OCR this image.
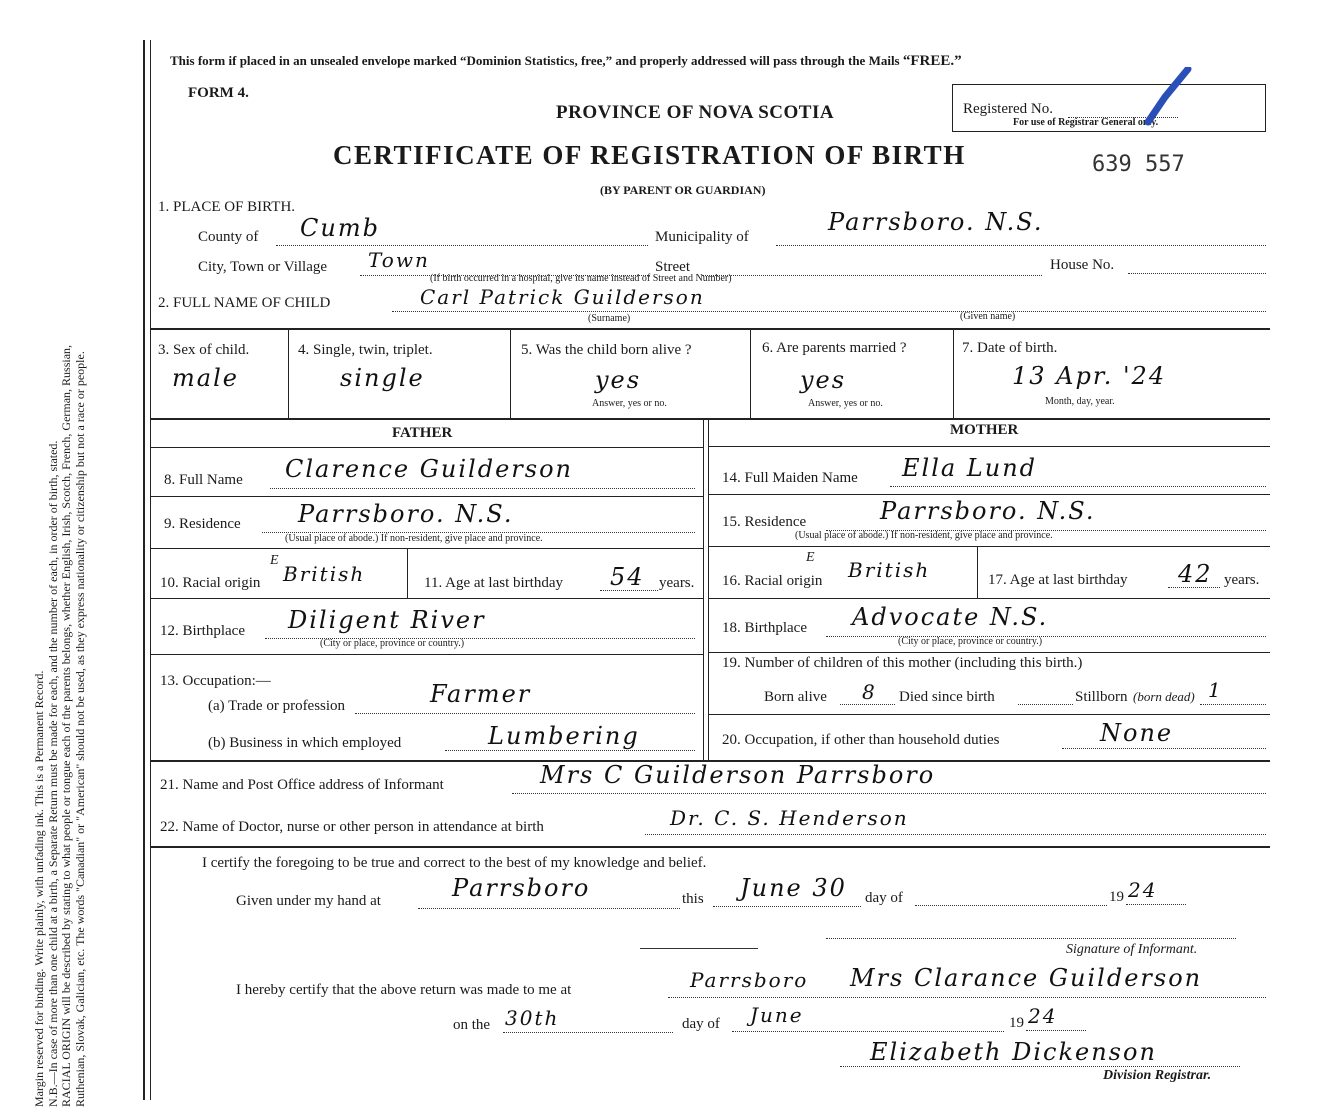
Margin reserved for binding. Write plainly, with unfading ink. This is a Permanent Record. N.B.—In case of more than one child at a birth, a Separate Return must be made for each, and the number of each, in order of birth, stated. RACIAL ORIGIN will be described by stating to what people or tongue each of the parents belongs, whether English, Irish, Scotch, French, German, Russian, Ruthenian, Slovak, Galician, etc. The words "Canadian" or "American" should not be used, as they express nationality or citizenship but not a race or people.
This form if placed in an unsealed envelope marked “Dominion Statistics, free,” and properly addressed will pass through the Mails “FREE.”
FORM 4.
PROVINCE OF NOVA SCOTIA
CERTIFICATE OF REGISTRATION OF BIRTH
(BY PARENT OR GUARDIAN)
Registered No.
For use of Registrar General only.
639 557
1. PLACE OF BIRTH.
County of Cumb	Municipality of
Parrsboro. N.S.
City, Town or Village Town	Street	House No.
(If birth occurred in a hospital, give its name instead of Street and Number)
2. FULL NAME OF CHILD	Carl Patrick Guilderson
(Surname)	(Given name)
3. Sex of child.
male
4. Single, twin, triplet.
single
5. Was the child born alive ?
yes
Answer, yes or no.
6. Are parents married ?
yes
Answer, yes or no.
7. Date of birth.
13 Apr. '24
Month, day, year.
FATHER	MOTHER
8. Full Name Clarence Guilderson
9. Residence Parrsboro. N.S.
(Usual place of abode.) If non-resident, give place and province.
10. Racial origin
E
British	11. Age at last birthday 54 years.
12. Birthplace Diligent River
(City or place, province or country.)
13. Occupation:—
(a) Trade or profession	Farmer
(b) Business in which employed	Lumbering
14. Full Maiden Name Ella Lund
15. Residence	Parrsboro. N.S.
(Usual place of abode.) If non-resident, give place and province.
16. Racial origin
E
British	17. Age at last birthday 42 years.
18. Birthplace Advocate N.S.
(City or place, province or country.)
19. Number of children of this mother (including this birth.)
Born alive 8 Died since birth	Stillborn (born dead) 1
20. Occupation, if other than household duties	None
21. Name and Post Office address of Informant	Mrs C Guilderson Parrsboro
22. Name of Doctor, nurse or other person in attendance at birth	Dr. C. S. Henderson
I certify the foregoing to be true and correct to the best of my knowledge and belief.
Given under my hand at	Parrsboro	this June 30 day of	19 24
Signature of Informant.
I hereby certify that the above return was made to me at	Parrsboro Mrs Clarance Guilderson
on the 30th	day of June	19 24
Elizabeth Dickenson
Division Registrar.
